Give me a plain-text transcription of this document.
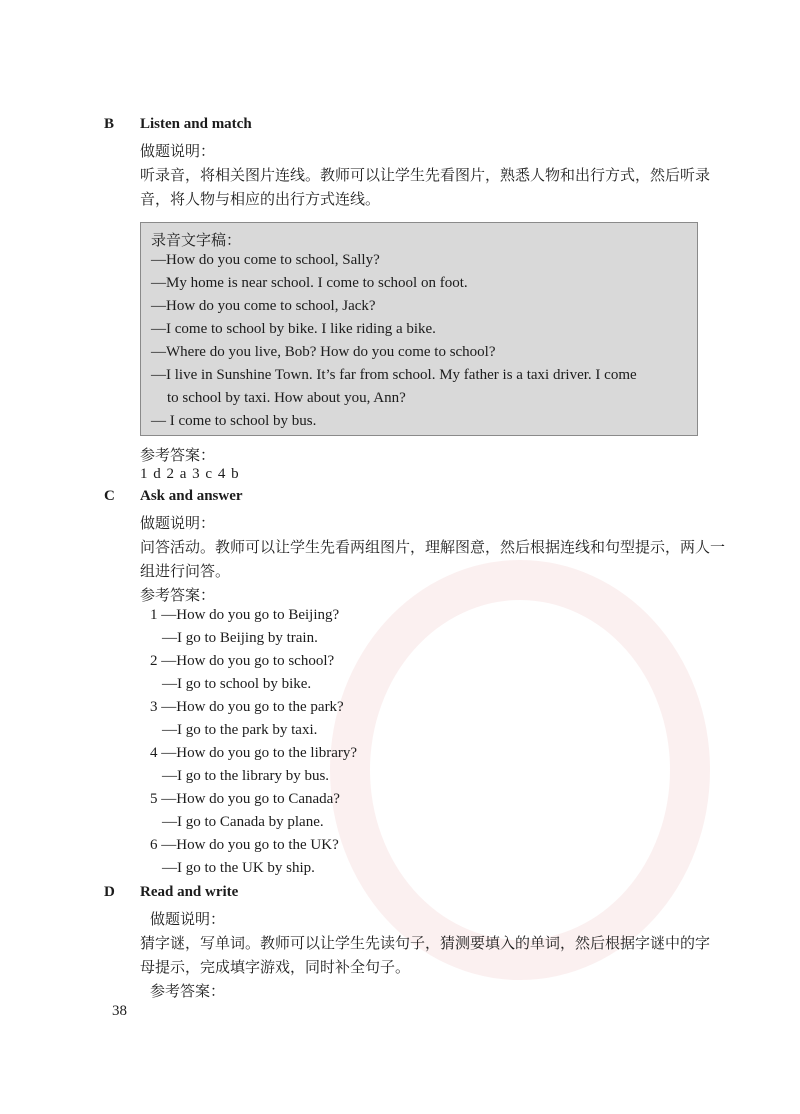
B Listen and match
做题说明：
听录音，将相关图片连线。教师可以让学生先看图片，熟悉人物和出行方式，然后听录
音，将人物与相应的出行方式连线。
录音文字稿：
—How do you come to school, Sally?
—My home is near school. I come to school on foot.
—How do you come to school, Jack?
—I come to school by bike. I like riding a bike.
—Where do you live, Bob? How do you come to school?
—I live in Sunshine Town. It’s far from school. My father is a taxi driver. I come
to school by taxi. How about you, Ann?
— I come to school by bus.
参考答案：
1 d 2 a 3 c 4 b
C Ask and answer
做题说明：
问答活动。教师可以让学生先看两组图片，理解图意，然后根据连线和句型提示，两人一
组进行问答。
参考答案：
1 —How do you go to Beijing?
—I go to Beijing by train.
2 —How do you go to school?
—I go to school by bike.
3 —How do you go to the park?
—I go to the park by taxi.
4 —How do you go to the library?
—I go to the library by bus.
5 —How do you go to Canada?
—I go to Canada by plane.
6 —How do you go to the UK?
—I go to the UK by ship.
D Read and write
做题说明：
猜字谜，写单词。教师可以让学生先读句子，猜测要填入的单词，然后根据字谜中的字
母提示，完成填字游戏，同时补全句子。
参考答案：
38
